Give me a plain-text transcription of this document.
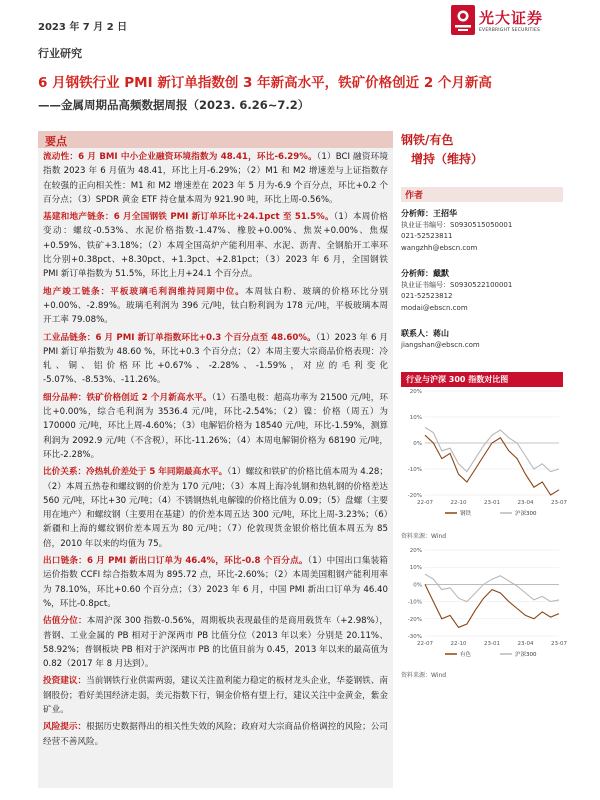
2023 年 7 月 2 日
光大证券
EVERBRIGHT SECURITIES
行业研究
6 月钢铁行业 PMI 新订单指数创 3 年新高水平，铁矿价格创近 2 个月新高
——金属周期品高频数据周报（2023. 6.26~7.2）
要点

流动性：6 月 BMI 中小企业融资环境指数为 48.41，环比-6.29%。（1）BCI 融资环境指数 2023 年 6 月值为 48.41，环比上月-6.29%；（2）M1 和 M2 增速差与上证指数存在较强的正向相关性：M1 和 M2 增速差在 2023 年 5 月为-6.9 个百分点，环比+0.2 个百分点；（3）SPDR 黄金 ETF 持仓量本周为 921.90 吨，环比上周-0.56%。

基建和地产链条：6 月全国钢铁 PMI 新订单环比+24.1pct 至 51.5%。（1）本周价格变动：螺纹-0.53%、水泥价格指数-1.47%、橡胶+0.00%、焦炭+0.00%、焦煤+0.59%、铁矿+3.18%；（2）本周全国高炉产能利用率、水泥、沥青、全钢胎开工率环比分别+0.38pct、+8.30pct、+1.3pct、+2.81pct；（3）2023 年 6 月，全国钢铁 PMI 新订单指数为 51.5%，环比上月+24.1 个百分点。

地产竣工链条：平板玻璃毛利润维持同期中位。本周钛白粉、玻璃的价格环比分别+0.00%、-2.89%。玻璃毛利润为 396 元/吨，钛白粉利润为 178 元/吨，平板玻璃本周开工率 79.08%。

工业品链条：6 月 PMI 新订单指数环比+0.3 个百分点至 48.60%。（1）2023 年 6 月 PMI 新订单指数为 48.60 %，环比+0.3 个百分点；（2）本周主要大宗商品价格表现：冷轧、铜、铝价格环比+0.67%、-2.28%、-1.59%，对应的毛利变化 -5.07%、-8.53%、-11.26%。

细分品种：铁矿价格创近 2 个月新高水平。（1）石墨电极：超高功率为 21500 元/吨，环比+0.00%，综合毛利润为 3536.4 元/吨，环比-2.54%；（2）镍：价格（周五）为 170000 元/吨，环比上周-4.60%；（3）电解铝价格为 18540 元/吨，环比-1.59%，测算利润为 2092.9 元/吨（不含税），环比-11.26%；（4）本周电解铜价格为 68190 元/吨，环比-2.28%。

比价关系：冷热轧价差处于 5 年同期最高水平。（1）螺纹和铁矿的价格比值本周为 4.28；（2）本周五热卷和螺纹钢的价差为 170 元/吨；（3）本周上海冷轧钢和热轧钢的价格差达 560 元/吨，环比+30 元/吨；（4）不锈钢热轧电解镍的价格比值为 0.09；（5）盘螺（主要用在地产）和螺纹钢（主要用在基建）的价差本周五达 300 元/吨，环比上周-3.23%；（6）新疆和上海的螺纹钢价差本周五为 80 元/吨；（7）伦敦现货金银价格比值本周五为 85 倍，2010 年以来的均值为 75。

出口链条：6 月 PMI 新出口订单为 46.4%，环比-0.8 个百分点。（1）中国出口集装箱运价指数 CCFI 综合指数本周为 895.72 点，环比-2.60%；（2）本周美国粗钢产能利用率为 78.10%，环比+0.60 个百分点；（3）2023 年 6 月，中国 PMI 新出口订单为 46.40 %，环比-0.8pct。

估值分位：本周沪深 300 指数-0.56%，周期板块表现最佳的是商用载货车（+2.98%），普钢、工业金属的 PB 相对于沪深两市 PB 比值分位（2013 年以来）分别是 20.11%、58.92%；普钢板块 PB 相对于沪深两市 PB 的比值目前为 0.45，2013 年以来的最高值为 0.82（2017 年 8 月达到）。

投资建议：当前钢铁行业供需两弱，建议关注盈利能力稳定的板材龙头企业，华菱钢铁、南钢股份；看好美国经济走弱，美元指数下行，铜金价格有望上行，建议关注中金黄金，紫金矿业。

风险提示：根据历史数据得出的相关性失效的风险；政府对大宗商品价格调控的风险；公司经营不善风险。

钢铁/有色
增持（维持）
作者
分析师：王招华
执业证书编号：S0930515050001
021-52523811
wangzhh@ebscn.com
分析师：戴默
执业证书编号：S0930522100001
021-52523812
modai@ebscn.com
联系人：蒋山
jiangshan@ebscn.com
行业与沪深 300 指数对比图
20%
10%
0%
-10%
-20%
22-07	22-10	23-01	23-04	23-07
钢铁	沪深300
资料来源：Wind
20%
10%
0%
-10%
-20%
-30%
22-07	22-10	23-01	23-04	23-07
有色	沪深300
资料来源：Wind
